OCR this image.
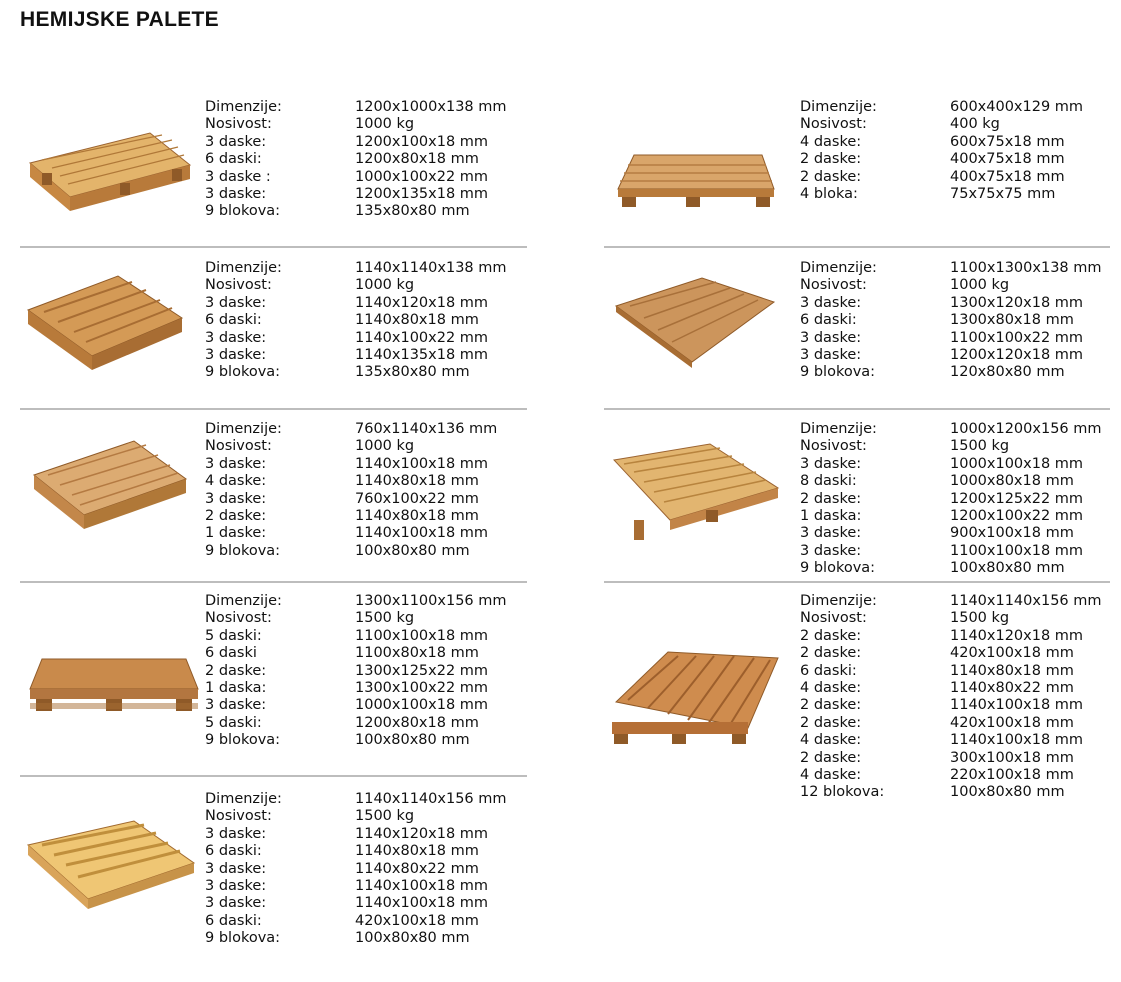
HEMIJSKE PALETE
Dimenzije:	1200x1000x138 mm
Nosivost:	1000 kg
3 daske:	1200x100x18 mm
6 daski:	1200x80x18 mm
3 daske :	1000x100x22 mm
3 daske:	1200x135x18 mm
9 blokova:	135x80x80 mm
Dimenzije:	1140x1140x138 mm
Nosivost:	1000 kg
3 daske:	1140x120x18 mm
6 daski:	1140x80x18 mm
3 daske:	1140x100x22 mm
3 daske:	1140x135x18 mm
9 blokova:	135x80x80 mm
Dimenzije:	760x1140x136 mm
Nosivost:	1000 kg
3 daske:	1140x100x18 mm
4 daske:	1140x80x18 mm
3 daske:	760x100x22 mm
2 daske:	1140x80x18 mm
1 daske:	1140x100x18 mm
9 blokova:	100x80x80 mm
Dimenzije:	1300x1100x156 mm
Nosivost:	1500 kg
5 daski:	1100x100x18 mm
6 daski	1100x80x18 mm
2 daske:	1300x125x22 mm
1 daska:	1300x100x22 mm
3 daske:	1000x100x18 mm
5 daski:	1200x80x18 mm
9 blokova:	100x80x80 mm
Dimenzije:	1140x1140x156 mm
Nosivost:	1500 kg
3 daske:	1140x120x18 mm
6 daski:	1140x80x18 mm
3 daske:	1140x80x22 mm
3 daske:	1140x100x18 mm
3 daske:	1140x100x18 mm
6 daski:	420x100x18 mm
9 blokova:	100x80x80 mm
Dimenzije:	600x400x129 mm
Nosivost:	400 kg
4 daske:	600x75x18 mm
2 daske:	400x75x18 mm
2 daske:	400x75x18 mm
4 bloka:	75x75x75 mm
Dimenzije:	1100x1300x138 mm
Nosivost:	1000 kg
3 daske:	1300x120x18 mm
6 daski:	1300x80x18 mm
3 daske:	1100x100x22 mm
3 daske:	1200x120x18 mm
9 blokova:	120x80x80 mm
Dimenzije:	1000x1200x156 mm
Nosivost:	1500 kg
3 daske:	1000x100x18 mm
8 daski:	1000x80x18 mm
2 daske:	1200x125x22 mm
1 daska:	1200x100x22 mm
3 daske:	900x100x18 mm
3 daske:	1100x100x18 mm
9 blokova:	100x80x80 mm
Dimenzije:	1140x1140x156 mm
Nosivost:	1500 kg
2 daske:	1140x120x18 mm
2 daske:	420x100x18 mm
6 daski:	1140x80x18 mm
4 daske:	1140x80x22 mm
2 daske:	1140x100x18 mm
2 daske:	420x100x18 mm
4 daske:	1140x100x18 mm
2 daske:	300x100x18 mm
4 daske:	220x100x18 mm
12 blokova:	100x80x80 mm
